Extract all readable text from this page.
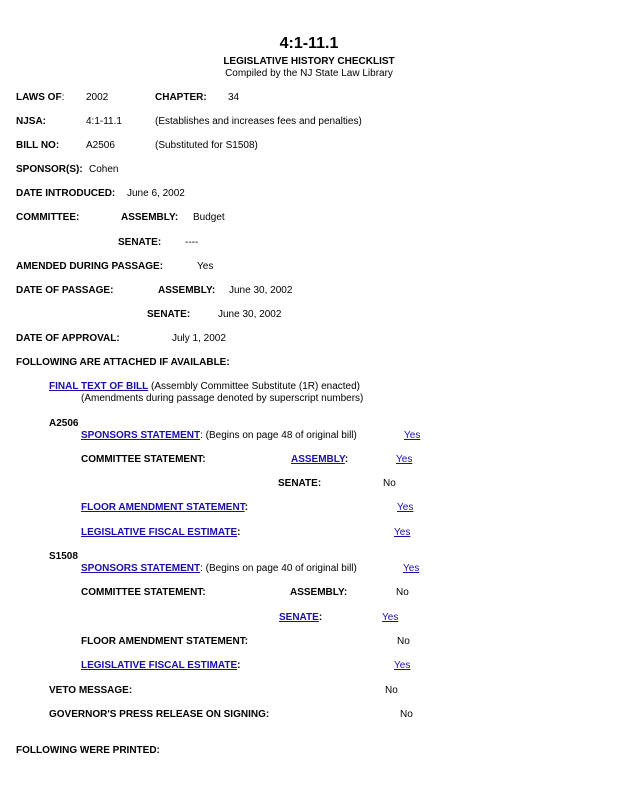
4:1-11.1
LEGISLATIVE HISTORY CHECKLIST
Compiled by the NJ State Law Library
LAWS OF: 2002	CHAPTER: 34
NJSA:	4:1-11.1	(Establishes and increases fees and penalties)
BILL NO:	A2506	(Substituted for S1508)
SPONSOR(S): Cohen
DATE INTRODUCED: June 6, 2002
COMMITTEE:	ASSEMBLY: Budget
SENATE: ----
AMENDED DURING PASSAGE:	Yes
DATE OF PASSAGE:	ASSEMBLY: June 30, 2002
SENATE:	June 30, 2002
DATE OF APPROVAL:	July 1, 2002
FOLLOWING ARE ATTACHED IF AVAILABLE:
FINAL TEXT OF BILL (Assembly Committee Substitute (1R) enacted)
(Amendments during passage denoted by superscript numbers)
A2506
SPONSORS STATEMENT: (Begins on page 48 of original bill)	Yes
COMMITTEE STATEMENT:	ASSEMBLY:	Yes
SENATE:	No
FLOOR AMENDMENT STATEMENT:	Yes
LEGISLATIVE FISCAL ESTIMATE:	Yes
S1508
SPONSORS STATEMENT: (Begins on page 40 of original bill)	Yes
COMMITTEE STATEMENT:	ASSEMBLY:	No
SENATE:	Yes
FLOOR AMENDMENT STATEMENT:	No
LEGISLATIVE FISCAL ESTIMATE:	Yes
VETO MESSAGE:	No
GOVERNOR'S PRESS RELEASE ON SIGNING:	No
FOLLOWING WERE PRINTED:
